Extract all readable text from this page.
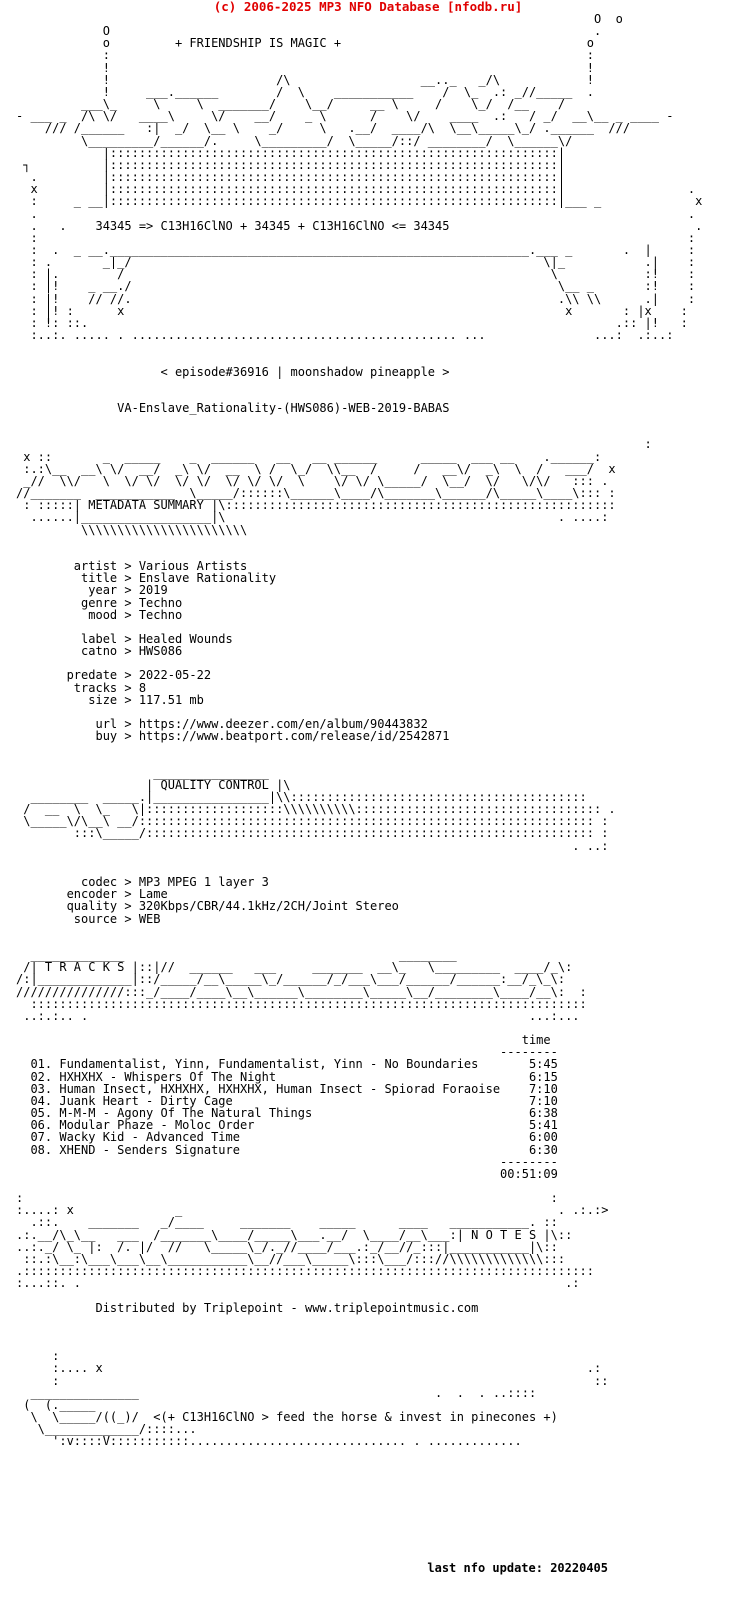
(c) 2006-2025 MP3 NFO Database [nfodb.ru]
O  o
O                                                                   .
o         + FRIENDSHIP IS MAGIC +                                  o
:                                                                  :
!                                                                  !
!                       /\                  __.._   _/\            !
!     ___.______        /  \    ___________    /  \_  .: _//_____  .
___\_     \     \  _______/    \__/     __ \     /    \_/  /__    /
- ___ _  /\ \/   ____\     \/    __/    _ \      /    \/    ____  .:   / _/  __\__ _ ____ -
/// /______   :|  _/  \__ \    _/     \   .__/  ____/\  \__\_____\_/ .______  ///
\_________/______/.     \_________/  \_____/::/ ________/  \______\/
|::::::::::::::::::::::::::::::::::::::::::::::::::::::::::::::|
┐          |::::::::::::::::::::::::::::::::::::::::::::::::::::::::::::::|
.         |::::::::::::::::::::::::::::::::::::::::::::::::::::::::::::::|
x         |::::::::::::::::::::::::::::::::::::::::::::::::::::::::::::::|                 .
:     _ __|::::::::::::::::::::::::::::::::::::::::::::::::::::::::::::::|___ _             x
.                                                                                          .
.   .    34345 => C13H16ClNO + 34345 + C13H16ClNO <= 34345                                  .
:                                                                                          :
:  .  _ __.__________________________________________________________.___ _       .  |     :
: .       _|_/                                                         \|_           .|    :
: |.        /                                                           \            :!    :
: |!    _ __./                                                           \__ _       :!    :
: |!    // //.                                                           .\\ \\      .|    :
: |! :      x                                                             x       : |x    :
: !: ::.                                                                         .:: |!   :
:..:. ..... . ............................................. ...               ...:  .:..:

< episode#36916 | moonshadow pineapple >

VA-Enslave_Rationality-(HWS086)-WEB-2019-BABAS

:
x ::       _  _____    _  ______   __   __ ______      _____  ___ __    .______:
:.:\__  __\ \/  __/  _\ \/  __  \ /  \_/  \\__  /     /   __\/  _\  \  /   ___/  x
_//  \\/   \  \/ \/  \/ \/  \/ \/ \/  \    \/ \/ \_____/  \__/  \/   \/\/   ::: .
//_______  ___________  \_____/::::::\______\____/\_______\______/\_____\____\::: :
: :::::| METADATA SUMMARY |\::::::::::::::::::::::::::::::::::::::::::::::::::::::
......|__________________|\                                              . ....:
\\\\\\\\\\\\\\\\\\\\\\\

artist > Various Artists
title > Enslave Rationality
year > 2019
genre > Techno
mood > Techno

label > Healed Wounds
catno > HWS086

predate > 2022-05-22
tracks > 8
size > 117.51 mb

url > https://www.deezer.com/en/album/90443832
buy > https://www.beatport.com/release/id/2542871

________________
| QUALITY CONTROL |\
________  _____.|________________|\\:::::::::::::::::::::::::::::::::::::::::
/  __  \  \_   \|:::::::::::::::::::\\\\\\\\\\:::::::::::::::::::::::::::::::::: .
\_____\/\__\ __/::::::::::::::::::::::::::::::::::::::::::::::::::::::::::::::: :
:::\_____/:::::::::::::::::::::::::::::::::::::::::::::::::::::::::::::: :
. ..:

codec > MP3 MPEG 1 layer 3
encoder > Lame
quality > 320Kbps/CBR/44.1kHz/2CH/Joint Stereo
source > WEB

_____________                                      ________
/| T R A C K S |::|//  ______   ___     _______  __\_   \_________  ____/_\:
/:|_____________|::/_____/__\_____\_/______/_/___\___/______/______:__/_\_\:
///////////////:::_/____/____\__\______\________\_____\__/________\____/__\:  :
:::::::::::::::::::::::::::::::::::::::::::::::::::::::::::::::::::::::::::::
..:.:.. .                                                             ...:...

time
--------
01. Fundamentalist, Yinn, Fundamentalist, Yinn - No Boundaries       5:45
02. HXHXHX - Whispers Of The Night                                   6:15
03. Human Insect, HXHXHX, HXHXHX, Human Insect - Spiorad Foraoise    7:10
04. Juank Heart - Dirty Cage                                         7:10
05. M-M-M - Agony Of The Natural Things                              6:38
06. Modular Phaze - Moloc Order                                      5:41
07. Wacky Kid - Advanced Time                                        6:00
08. XHEND - Senders Signature                                        6:30
--------
00:51:09

:                                                                         :
:....: x              _                                                    . .:.:>
.::.    _______   _/____     _______    _____      ____   ___________. ::
.:.__/\_\__   ___  /_______\____/_____\___.__/  \____/__\___:| N O T E S |\::
..:._/ \_ |:  /. |/  //   \_____\_/._//____/___.:_/__//_:::|___________|\::
::.:\__:\___\___\__\___________\__//___\_____\:::\___/::://\\\\\\\\\\\\\:::
.:::::::::::::::::::::::::::::::::::::::::::::::::::::::::::::::::::::::::::::::
:...::. .                                                                   .:

Distributed by Triplepoint - www.triplepointmusic.com

:
:.... x                                                                   .:
:                                                                          ::
_______________                                         .  .  . ..::::
(  (._____
\  \_____/((_)/  <(+ C13H16ClNO > feed the horse & invest in pinecones +)
\_____________/::::...
':v::::V:::::::::::.............................. . .............
last nfo update: 20220405
